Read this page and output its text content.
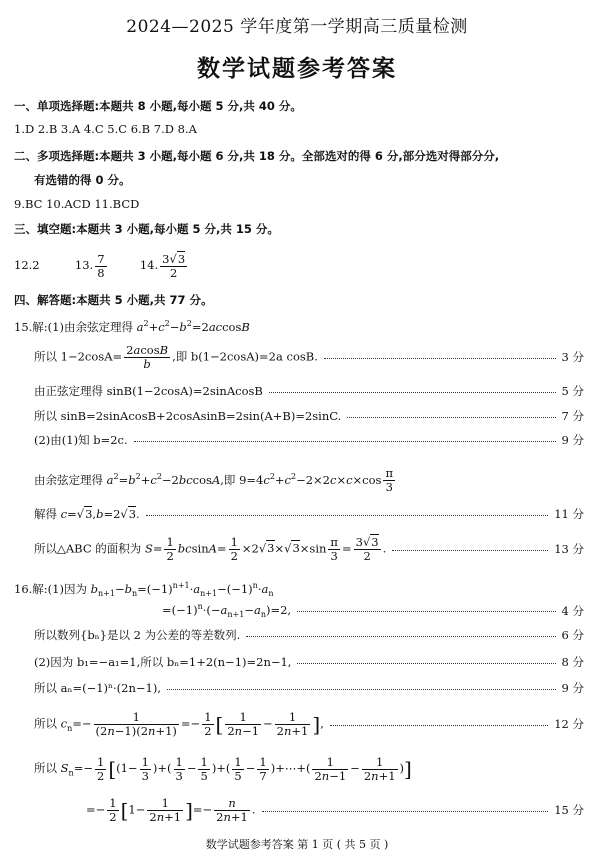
2024—2025 学年度第一学期高三质量检测
数学试题参考答案
一、单项选择题:本题共 8 小题,每小题 5 分,共 40 分。
1.D 2.B 3.A 4.C 5.C 6.B 7.D 8.A
二、多项选择题:本题共 3 小题,每小题 6 分,共 18 分。全部选对的得 6 分,部分选对得部分分,
有选错的得 0 分。
9.BC 10.ACD 11.BCD
三、填空题:本题共 3 小题,每小题 5 分,共 15 分。
12.2	13. $\frac{7}{8}$	14. $\frac{3√3}{2}$
四、解答题:本题共 5 小题,共 77 分。
15.解:(1)由余弦定理得 $a^2+c^2-b^2=2accosB$
所以 $1-2\cos A= \frac{2acosB}{b}$ ,即 b(1−2cosA)=2a cosB.	3 分
由正弦定理得 sinB(1−2cosA)=2sinAcosB	5 分
所以 sinB=2sinAcosB+2cosAsinB=2sin(A+B)=2sinC.	7 分
(2)由(1)知 b=2c.	9 分
由余弦定理得 $a^2=b^2+c^2-2bccosA$,即 $9=4c^2+c^2-2\times 2c\times c\times\cos \frac{\pi}{3}$
解得 c=√3,b=2√3.	11 分
所以△ABC 的面积为 $S= \frac{1}{2} bcsinA= \frac{1}{2} \times 2√3\times√3\times\sin \frac{\pi}{3} = \frac{3√3}{2}$ .	13 分
16.解:(1)因为 $b_{n+1}-b_n=(-1)^{n+1}\cdot a_{n+1}-(-1)^n\cdot a_n$
$=(-1)^n\cdot(-a_{n+1}-a_n)=2$,	4 分
所以数列{bₙ}是以 2 为公差的等差数列.	6 分
(2)因为 b₁=−a₁=1,所以 bₙ=1+2(n−1)=2n−1,	8 分
所以 aₙ=(−1)ⁿ·(2n−1),	9 分
所以 $c_n=- \frac{1}{(2n-1)(2n+1)} =- \frac{1}{2}$ [ $\frac{1}{2n-1} - \frac{1}{2n+1}$ ],	12 分
所以 $S_n=- \frac{1}{2} [(1- \frac{1}{3}$ )+( $\frac{1}{3} - \frac{1}{5}$ )+( $\frac{1}{5} - \frac{1}{7}$ )+⋯+( $\frac{1}{2n-1} - \frac{1}{2n+1}$ )]
=− $\frac{1}{2} [1- \frac{1}{2n+1}$ ]=− $\frac{n}{2n+1}$ .	15 分
数学试题参考答案 第 1 页 ( 共 5 页 )
